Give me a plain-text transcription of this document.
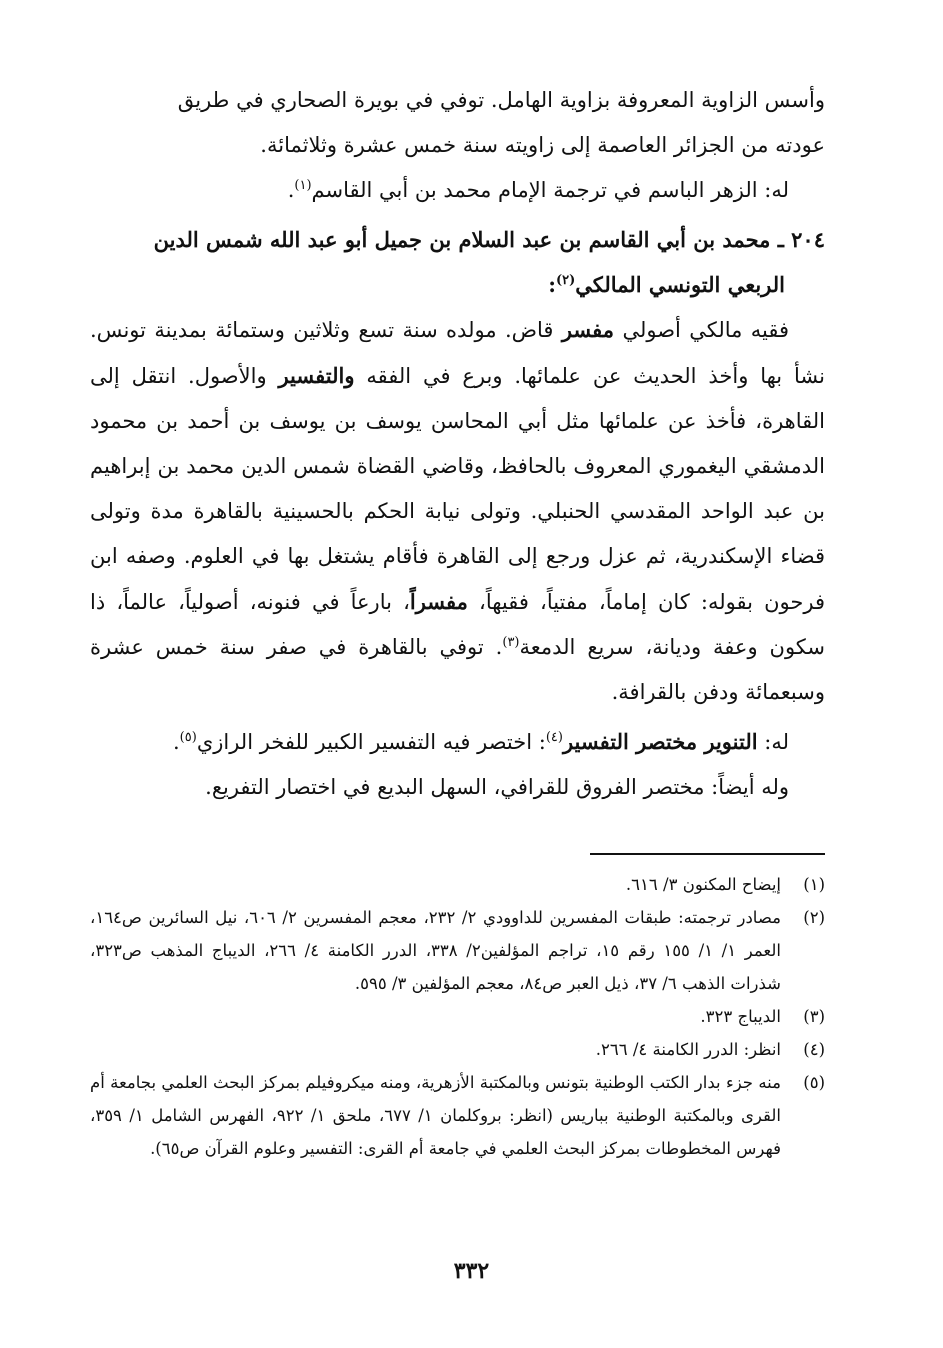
وأسس الزاوية المعروفة بزاوية الهامل. توفي في بويرة الصحاري في طريق
عودته من الجزائر العاصمة إلى زاويته سنة خمس عشرة وثلاثمائة.

له: الزهر الباسم في ترجمة الإمام محمد بن أبي القاسم$^{(١)}$.

٢٠٤ ـ محمد بن أبي القاسم بن عبد السلام بن جميل أبو عبد الله شمس الدين
الربعي التونسي المالكي$^{(٢)}$:

فقيه مالكي أصولي مفسر قاض. مولده سنة تسع وثلاثين وستمائة بمدينة تونس. نشأ بها وأخذ الحديث عن علمائها. وبرع في الفقه والتفسير والأصول. انتقل إلى القاهرة، فأخذ عن علمائها مثل أبي المحاسن يوسف بن يوسف بن أحمد بن محمود الدمشقي اليغموري المعروف بالحافظ، وقاضي القضاة شمس الدين محمد بن إبراهيم بن عبد الواحد المقدسي الحنبلي. وتولى نيابة الحكم بالحسينية بالقاهرة مدة وتولى قضاء الإسكندرية، ثم عزل ورجع إلى القاهرة فأقام يشتغل بها في العلوم. وصفه ابن فرحون بقوله: كان إماماً، مفتياً، فقيهاً، مفسراً، بارعاً في فنونه، أصولياً، عالماً، ذا سكون وعفة وديانة، سريع الدمعة$^{(٣)}$. توفي بالقاهرة في صفر سنة خمس عشرة وسبعمائة ودفن بالقرافة.

له: التنوير مختصر التفسير$^{(٤)}$: اختصر فيه التفسير الكبير للفخر الرازي$^{(٥)}$.

وله أيضاً: مختصر الفروق للقرافي، السهل البديع في اختصار التفريع.

(١)
إيضاح المكنون ٣/ ٦١٦.
(٢)
مصادر ترجمته: طبقات المفسرين للداوودي ٢/ ٢٣٢، معجم المفسرين ٢/ ٦٠٦، نيل السائرين ص١٦٤، العمر ١/ ١/ ١٥٥ رقم ١٥، تراجم المؤلفين٢/ ٣٣٨، الدرر الكامنة ٤/ ٢٦٦، الديباج المذهب ص٣٢٣، شذرات الذهب ٦/ ٣٧، ذيل العبر ص٨٤، معجم المؤلفين ٣/ ٥٩٥.
(٣)
الديباج ٣٢٣.
(٤)
انظر: الدرر الكامنة ٤/ ٢٦٦.
(٥)
منه جزء بدار الكتب الوطنية بتونس وبالمكتبة الأزهرية، ومنه ميكروفيلم بمركز البحث العلمي بجامعة أم القرى وبالمكتبة الوطنية بباريس (انظر: بروكلمان ١/ ٦٧٧، ملحق ١/ ٩٢٢، الفهرس الشامل ١/ ٣٥٩، فهرس المخطوطات بمركز البحث العلمي في جامعة أم القرى: التفسير وعلوم القرآن ص٦٥).
٣٣٢
